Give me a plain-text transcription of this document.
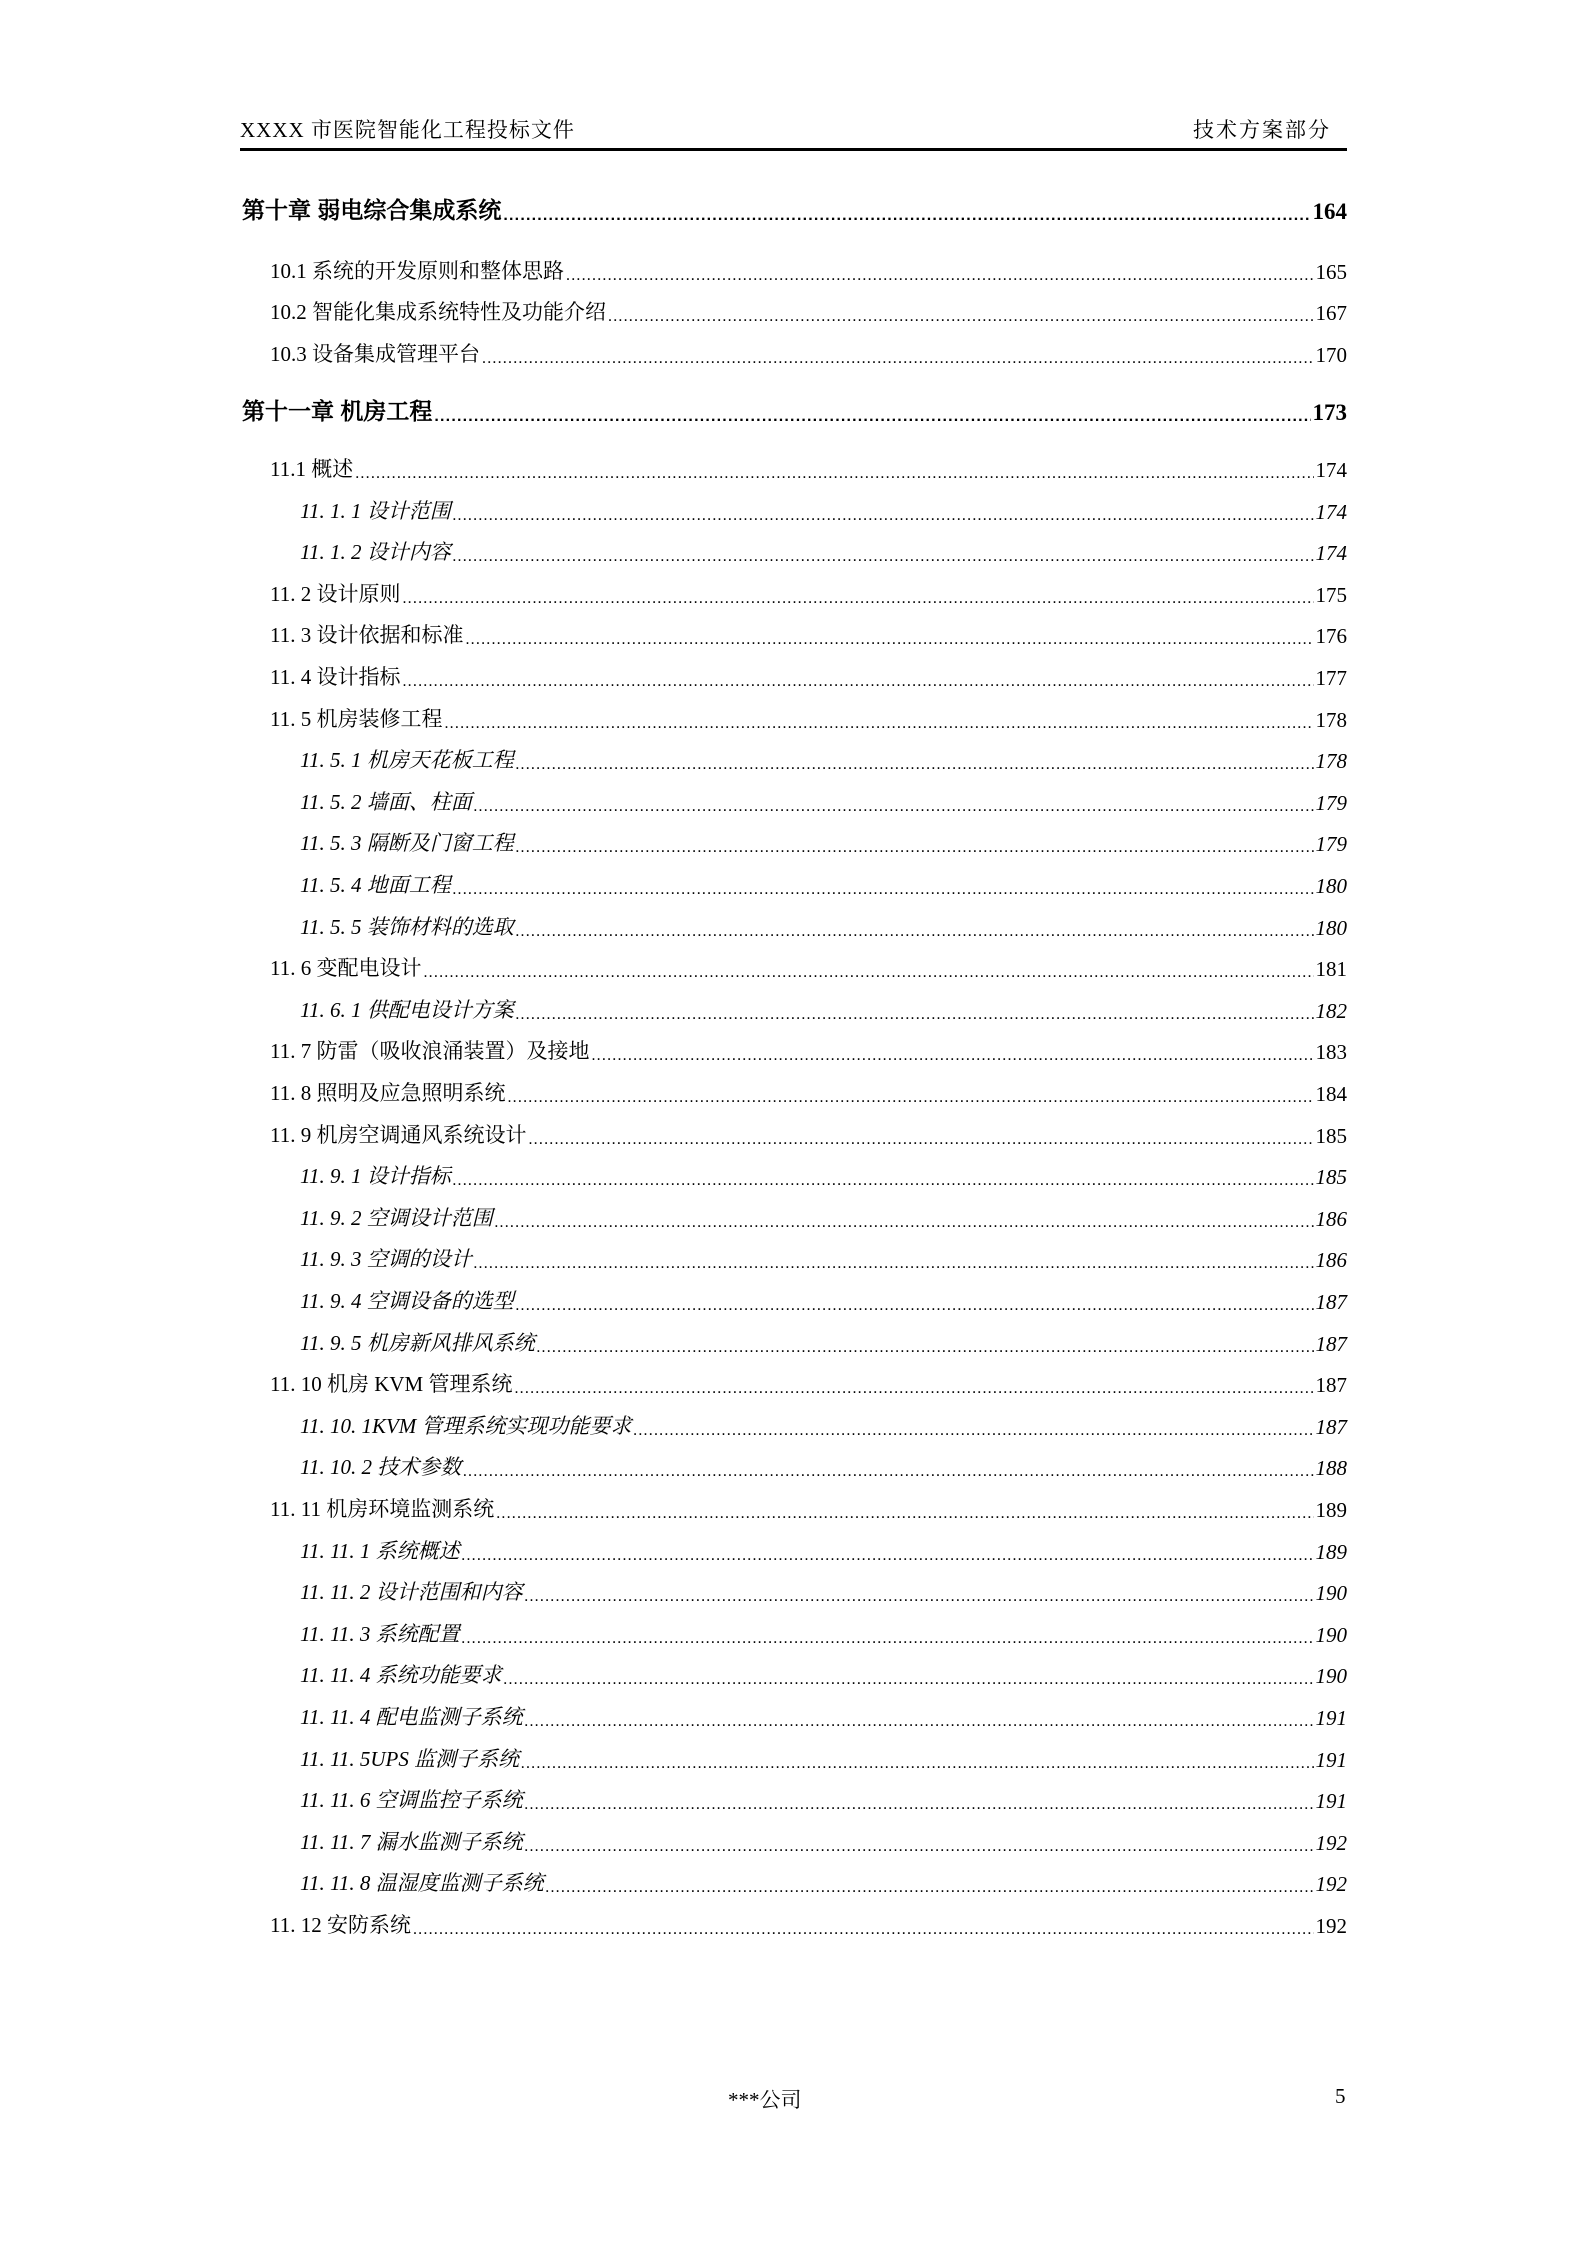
XXXX 市医院智能化工程投标文件	技术方案部分
第十章 弱电综合集成系统 .....	164
10.1 系统的开发原则和整体思路 .....	165
10.2 智能化集成系统特性及功能介绍 .....	167
10.3 设备集成管理平台 .....	170
第十一章 机房工程 .....	173
11.1 概述 .....	174
11. 1. 1 设计范围 .....	174
11. 1. 2 设计内容 .....	174
11. 2 设计原则 .....	175
11. 3 设计依据和标准 .....	176
11. 4 设计指标 .....	177
11. 5 机房装修工程 .....	178
11. 5. 1 机房天花板工程 .....	178
11. 5. 2 墙面、柱面 .....	179
11. 5. 3 隔断及门窗工程 .....	179
11. 5. 4 地面工程 .....	180
11. 5. 5 装饰材料的选取 .....	180
11. 6 变配电设计 .....	181
11. 6. 1 供配电设计方案 .....	182
11. 7 防雷（吸收浪涌装置）及接地 .....	183
11. 8 照明及应急照明系统 .....	184
11. 9 机房空调通风系统设计 .....	185
11. 9. 1 设计指标 .....	185
11. 9. 2 空调设计范围 .....	186
11. 9. 3 空调的设计 .....	186
11. 9. 4 空调设备的选型 .....	187
11. 9. 5 机房新风排风系统 .....	187
11. 10 机房 KVM 管理系统 .....	187
11. 10. 1KVM 管理系统实现功能要求 .....	187
11. 10. 2 技术参数 .....	188
11. 11 机房环境监测系统 .....	189
11. 11. 1 系统概述 .....	189
11. 11. 2 设计范围和内容 .....	190
11. 11. 3 系统配置 .....	190
11. 11. 4 系统功能要求 .....	190
11. 11. 4 配电监测子系统 .....	191
11. 11. 5UPS 监测子系统 .....	191
11. 11. 6 空调监控子系统 .....	191
11. 11. 7 漏水监测子系统 .....	192
11. 11. 8 温湿度监测子系统 .....	192
11. 12 安防系统 .....	192
***公司	5
